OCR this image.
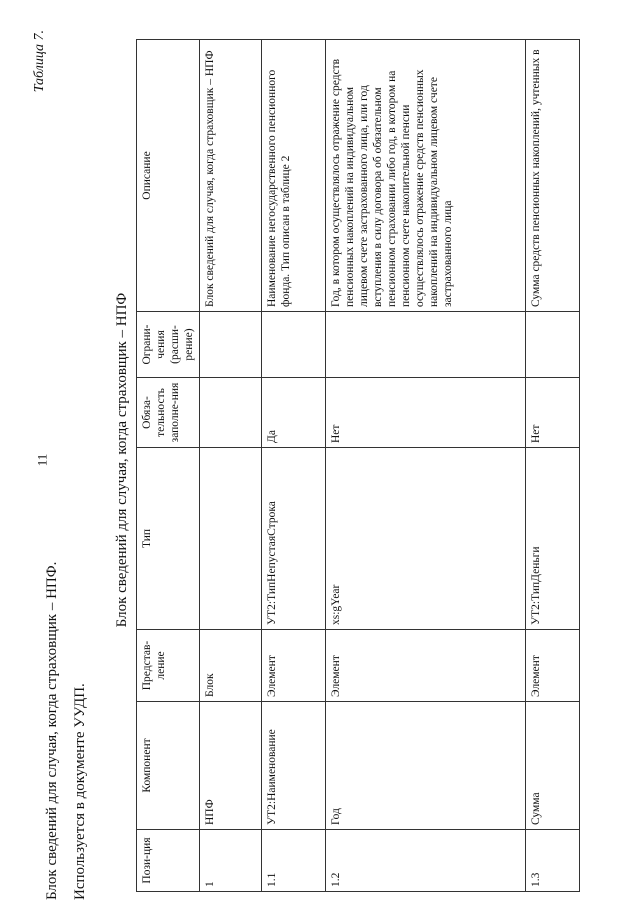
11
Таблица 7.
Блок сведений для случая, когда страховщик – НПФ. Используется в документе УУДП.
Блок сведений для случая, когда страховщик – НПФ
Пози-ция	Компонент	Представ-ление	Тип	Обяза-тельность заполне-ния	Ограни-чения (расши-рение)	Описание
1	НПФ	Блок				Блок сведений для случая, когда страховщик – НПФ
1.1	УТ2:Наименование	Элемент	УТ2:ТипНепустаяСтрока	Да		Наименование негосударственного пенсионного фонда. Тип описан в таблице 2
1.2	Год	Элемент	xs:gYear	Нет		Год, в котором осуществлялось отражение средств пенсионных накоплений на индивидуальном лицевом счете застрахованного лица, или год вступления в силу договора об обязательном пенсионном страховании либо год, в котором на пенсионном счете накопительной пенсии осуществлялось отражение средств пенсионных накоплений на индивидуальном лицевом счете застрахованного лица
1.3	Сумма	Элемент	УТ2:ТипДеньги	Нет		Сумма средств пенсионных накоплений, учтенных в
